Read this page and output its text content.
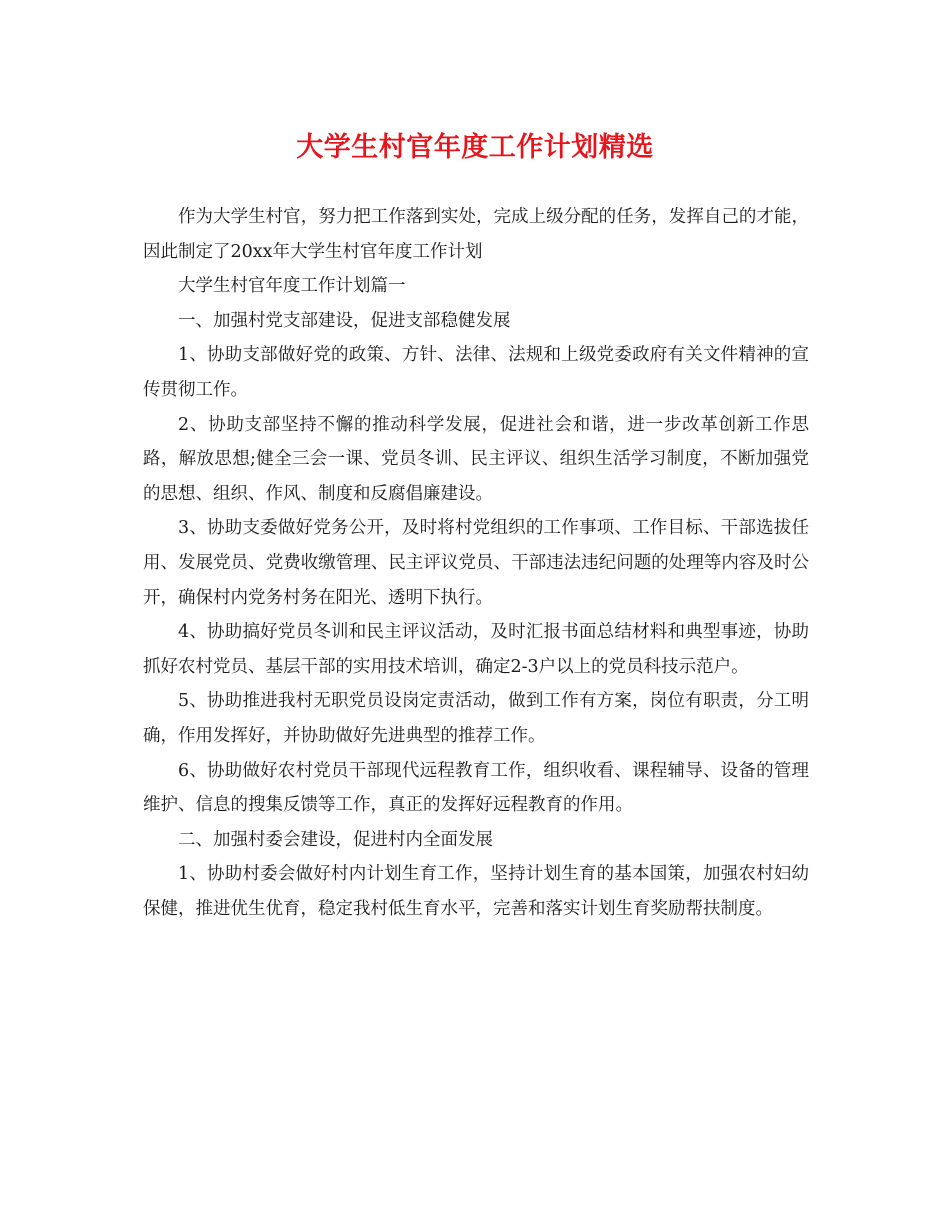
大学生村官年度工作计划精选

作为大学生村官，努力把工作落到实处，完成上级分配的任务，发挥自己的才能，因此制定了20xx年大学生村官年度工作计划

大学生村官年度工作计划篇一

一、加强村党支部建设，促进支部稳健发展

1、协助支部做好党的政策、方针、法律、法规和上级党委政府有关文件精神的宣传贯彻工作。

2、协助支部坚持不懈的推动科学发展，促进社会和谐，进一步改革创新工作思路，解放思想;健全三会一课、党员冬训、民主评议、组织生活学习制度，不断加强党的思想、组织、作风、制度和反腐倡廉建设。

3、协助支委做好党务公开，及时将村党组织的工作事项、工作目标、干部选拔任用、发展党员、党费收缴管理、民主评议党员、干部违法违纪问题的处理等内容及时公开，确保村内党务村务在阳光、透明下执行。

4、协助搞好党员冬训和民主评议活动，及时汇报书面总结材料和典型事迹，协助抓好农村党员、基层干部的实用技术培训，确定2-3户以上的党员科技示范户。

5、协助推进我村无职党员设岗定责活动，做到工作有方案，岗位有职责，分工明确，作用发挥好，并协助做好先进典型的推荐工作。

6、协助做好农村党员干部现代远程教育工作，组织收看、课程辅导、设备的管理维护、信息的搜集反馈等工作，真正的发挥好远程教育的作用。

二、加强村委会建设，促进村内全面发展

1、协助村委会做好村内计划生育工作，坚持计划生育的基本国策，加强农村妇幼保健，推进优生优育，稳定我村低生育水平，完善和落实计划生育奖励帮扶制度。
